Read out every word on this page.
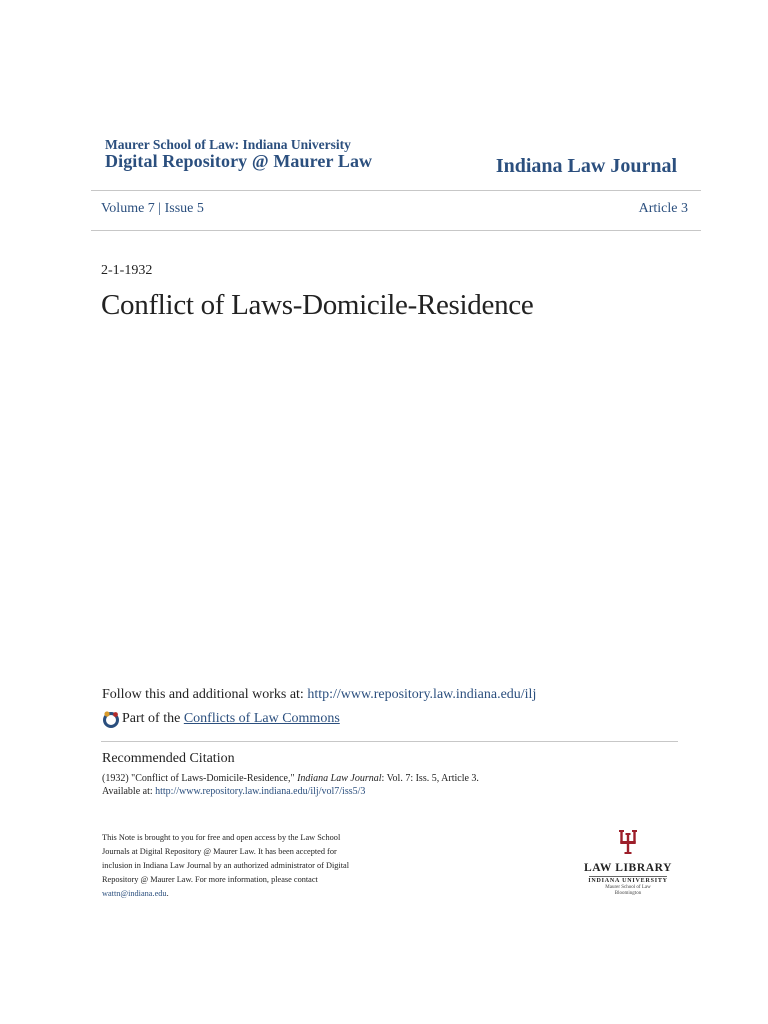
Maurer School of Law: Indiana University
Digital Repository @ Maurer Law	Indiana Law Journal
Volume 7 | Issue 5	Article 3
2-1-1932
Conflict of Laws-Domicile-Residence
Follow this and additional works at: http://www.repository.law.indiana.edu/ilj
Part of the
Conflicts of Law Commons
Recommended Citation
(1932) "Conflict of Laws-Domicile-Residence," Indiana Law Journal: Vol. 7: Iss. 5, Article 3.
Available at: http://www.repository.law.indiana.edu/ilj/vol7/iss5/3
This Note is brought to you for free and open access by the Law School
Journals at Digital Repository @ Maurer Law. It has been accepted for
inclusion in Indiana Law Journal by an authorized administrator of Digital
Repository @ Maurer Law. For more information, please contact
wattn@indiana.edu.
LAW LIBRARY
INDIANA UNIVERSITY
Maurer School of Law
Bloomington
